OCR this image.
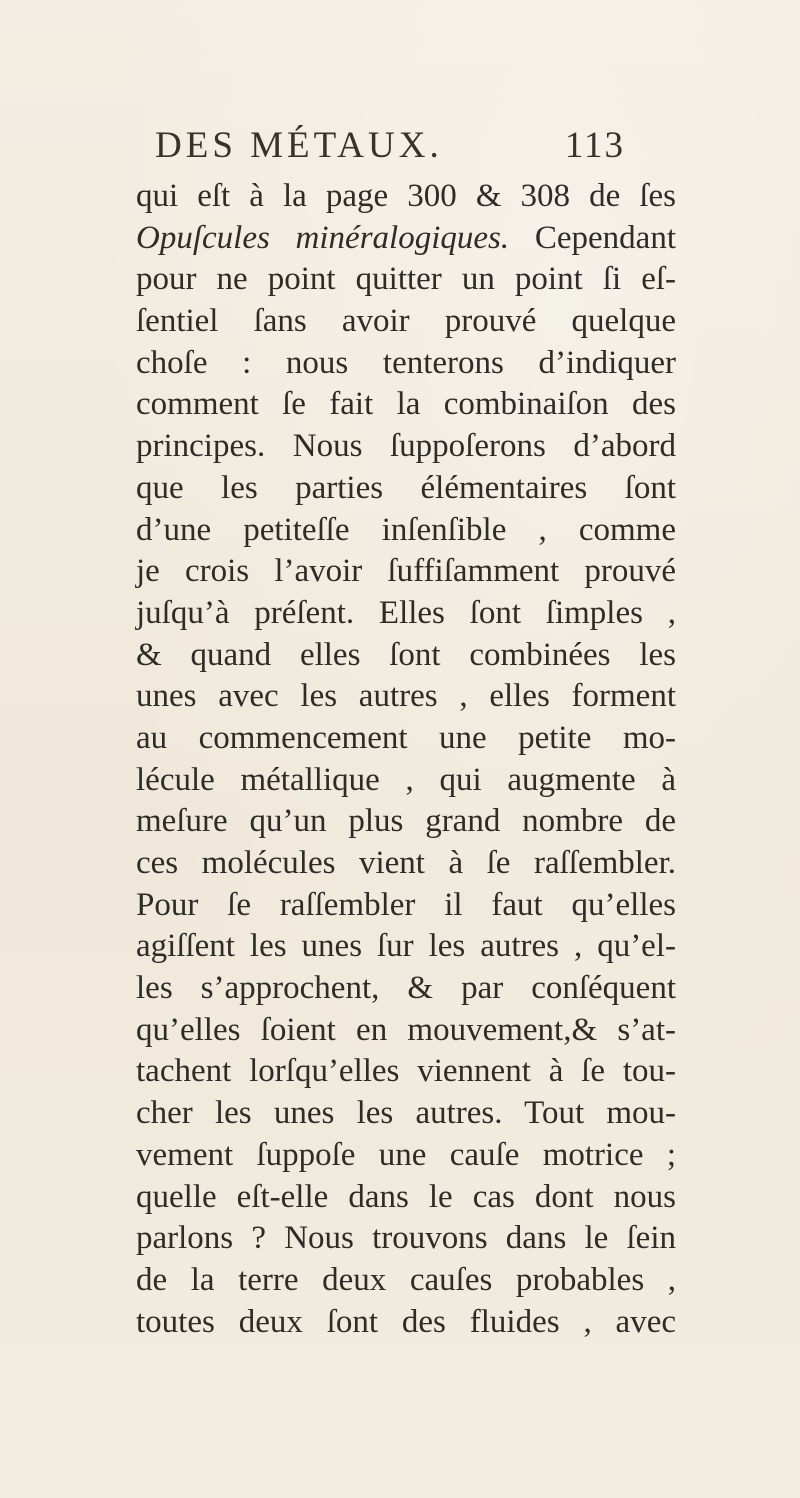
DES MÉTAUX.	113
qui eſt à la page 300 & 308 de ſes
Opuſcules minéralogiques. Cependant
pour ne point quitter un point ſi eſ-
ſentiel ſans avoir prouvé quelque
choſe : nous tenterons d’indiquer
comment ſe fait la combinaiſon des
principes. Nous ſuppoſerons d’abord
que les parties élémentaires ſont
d’une petiteſſe inſenſible , comme
je crois l’avoir ſuffiſamment prouvé
juſqu’à préſent. Elles ſont ſimples ,
& quand elles ſont combinées les
unes avec les autres , elles forment
au commencement une petite mo-
lécule métallique , qui augmente à
meſure qu’un plus grand nombre de
ces molécules vient à ſe raſſembler.
Pour ſe raſſembler il faut qu’elles
agiſſent les unes ſur les autres , qu’el-
les s’approchent, & par conſéquent
qu’elles ſoient en mouvement,& s’at-
tachent lorſqu’elles viennent à ſe tou-
cher les unes les autres. Tout mou-
vement ſuppoſe une cauſe motrice ;
quelle eſt-elle dans le cas dont nous
parlons ? Nous trouvons dans le ſein
de la terre deux cauſes probables ,
toutes deux ſont des fluides , avec
